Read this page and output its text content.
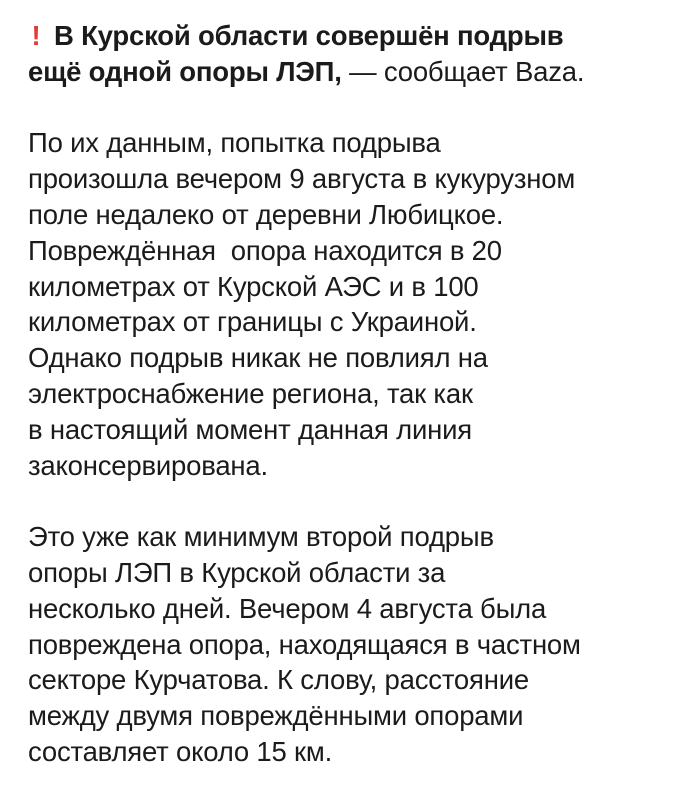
! В Курской области совершён подрыв
ещё одной опоры ЛЭП, — сообщает Baza.
По их данным, попытка подрыва
произошла вечером 9 августа в кукурузном
поле недалеко от деревни Любицкое.
Повреждённая  опора находится в 20
километрах от Курской АЭС и в 100
километрах от границы с Украиной.
Однако подрыв никак не повлиял на
электроснабжение региона, так как
в настоящий момент данная линия
законсервирована.
Это уже как минимум второй подрыв
опоры ЛЭП в Курской области за
несколько дней. Вечером 4 августа была
повреждена опора, находящаяся в частном
секторе Курчатова. К слову, расстояние
между двумя повреждёнными опорами
составляет около 15 км.
